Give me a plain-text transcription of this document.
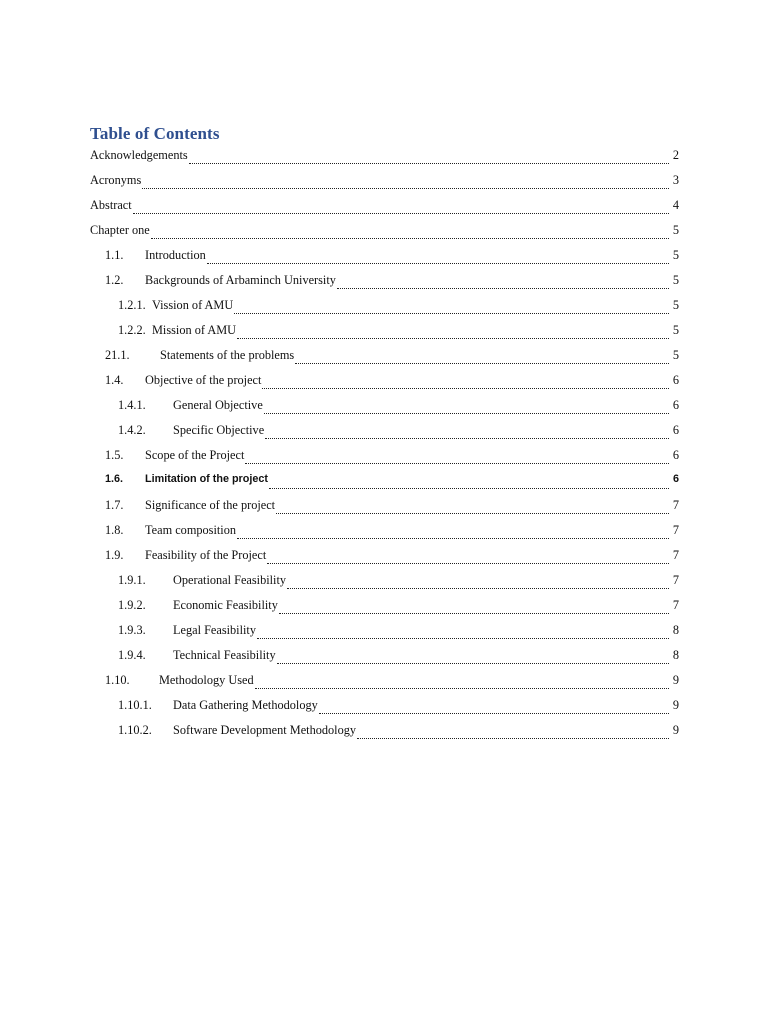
Table of Contents
Acknowledgements	2
Acronyms	3
Abstract	4
Chapter one	5
1.1.	Introduction	5
1.2.	Backgrounds of Arbaminch University	5
1.2.1. Vission of AMU	5
1.2.2. Mission of AMU	5
21.1.	Statements of the problems	5
1.4.	Objective of the project	6
1.4.1.	General Objective	6
1.4.2.	Specific Objective	6
1.5.	Scope of the Project	6
1.6.	Limitation of the project	6
1.7.	Significance of the project	7
1.8.	Team composition	7
1.9.	Feasibility of the Project	7
1.9.1.	Operational Feasibility	7
1.9.2.	Economic Feasibility	7
1.9.3.	Legal Feasibility	8
1.9.4.	Technical Feasibility	8
1.10.	Methodology Used	9
1.10.1.	Data Gathering Methodology	9
1.10.2.	Software Development Methodology	9
